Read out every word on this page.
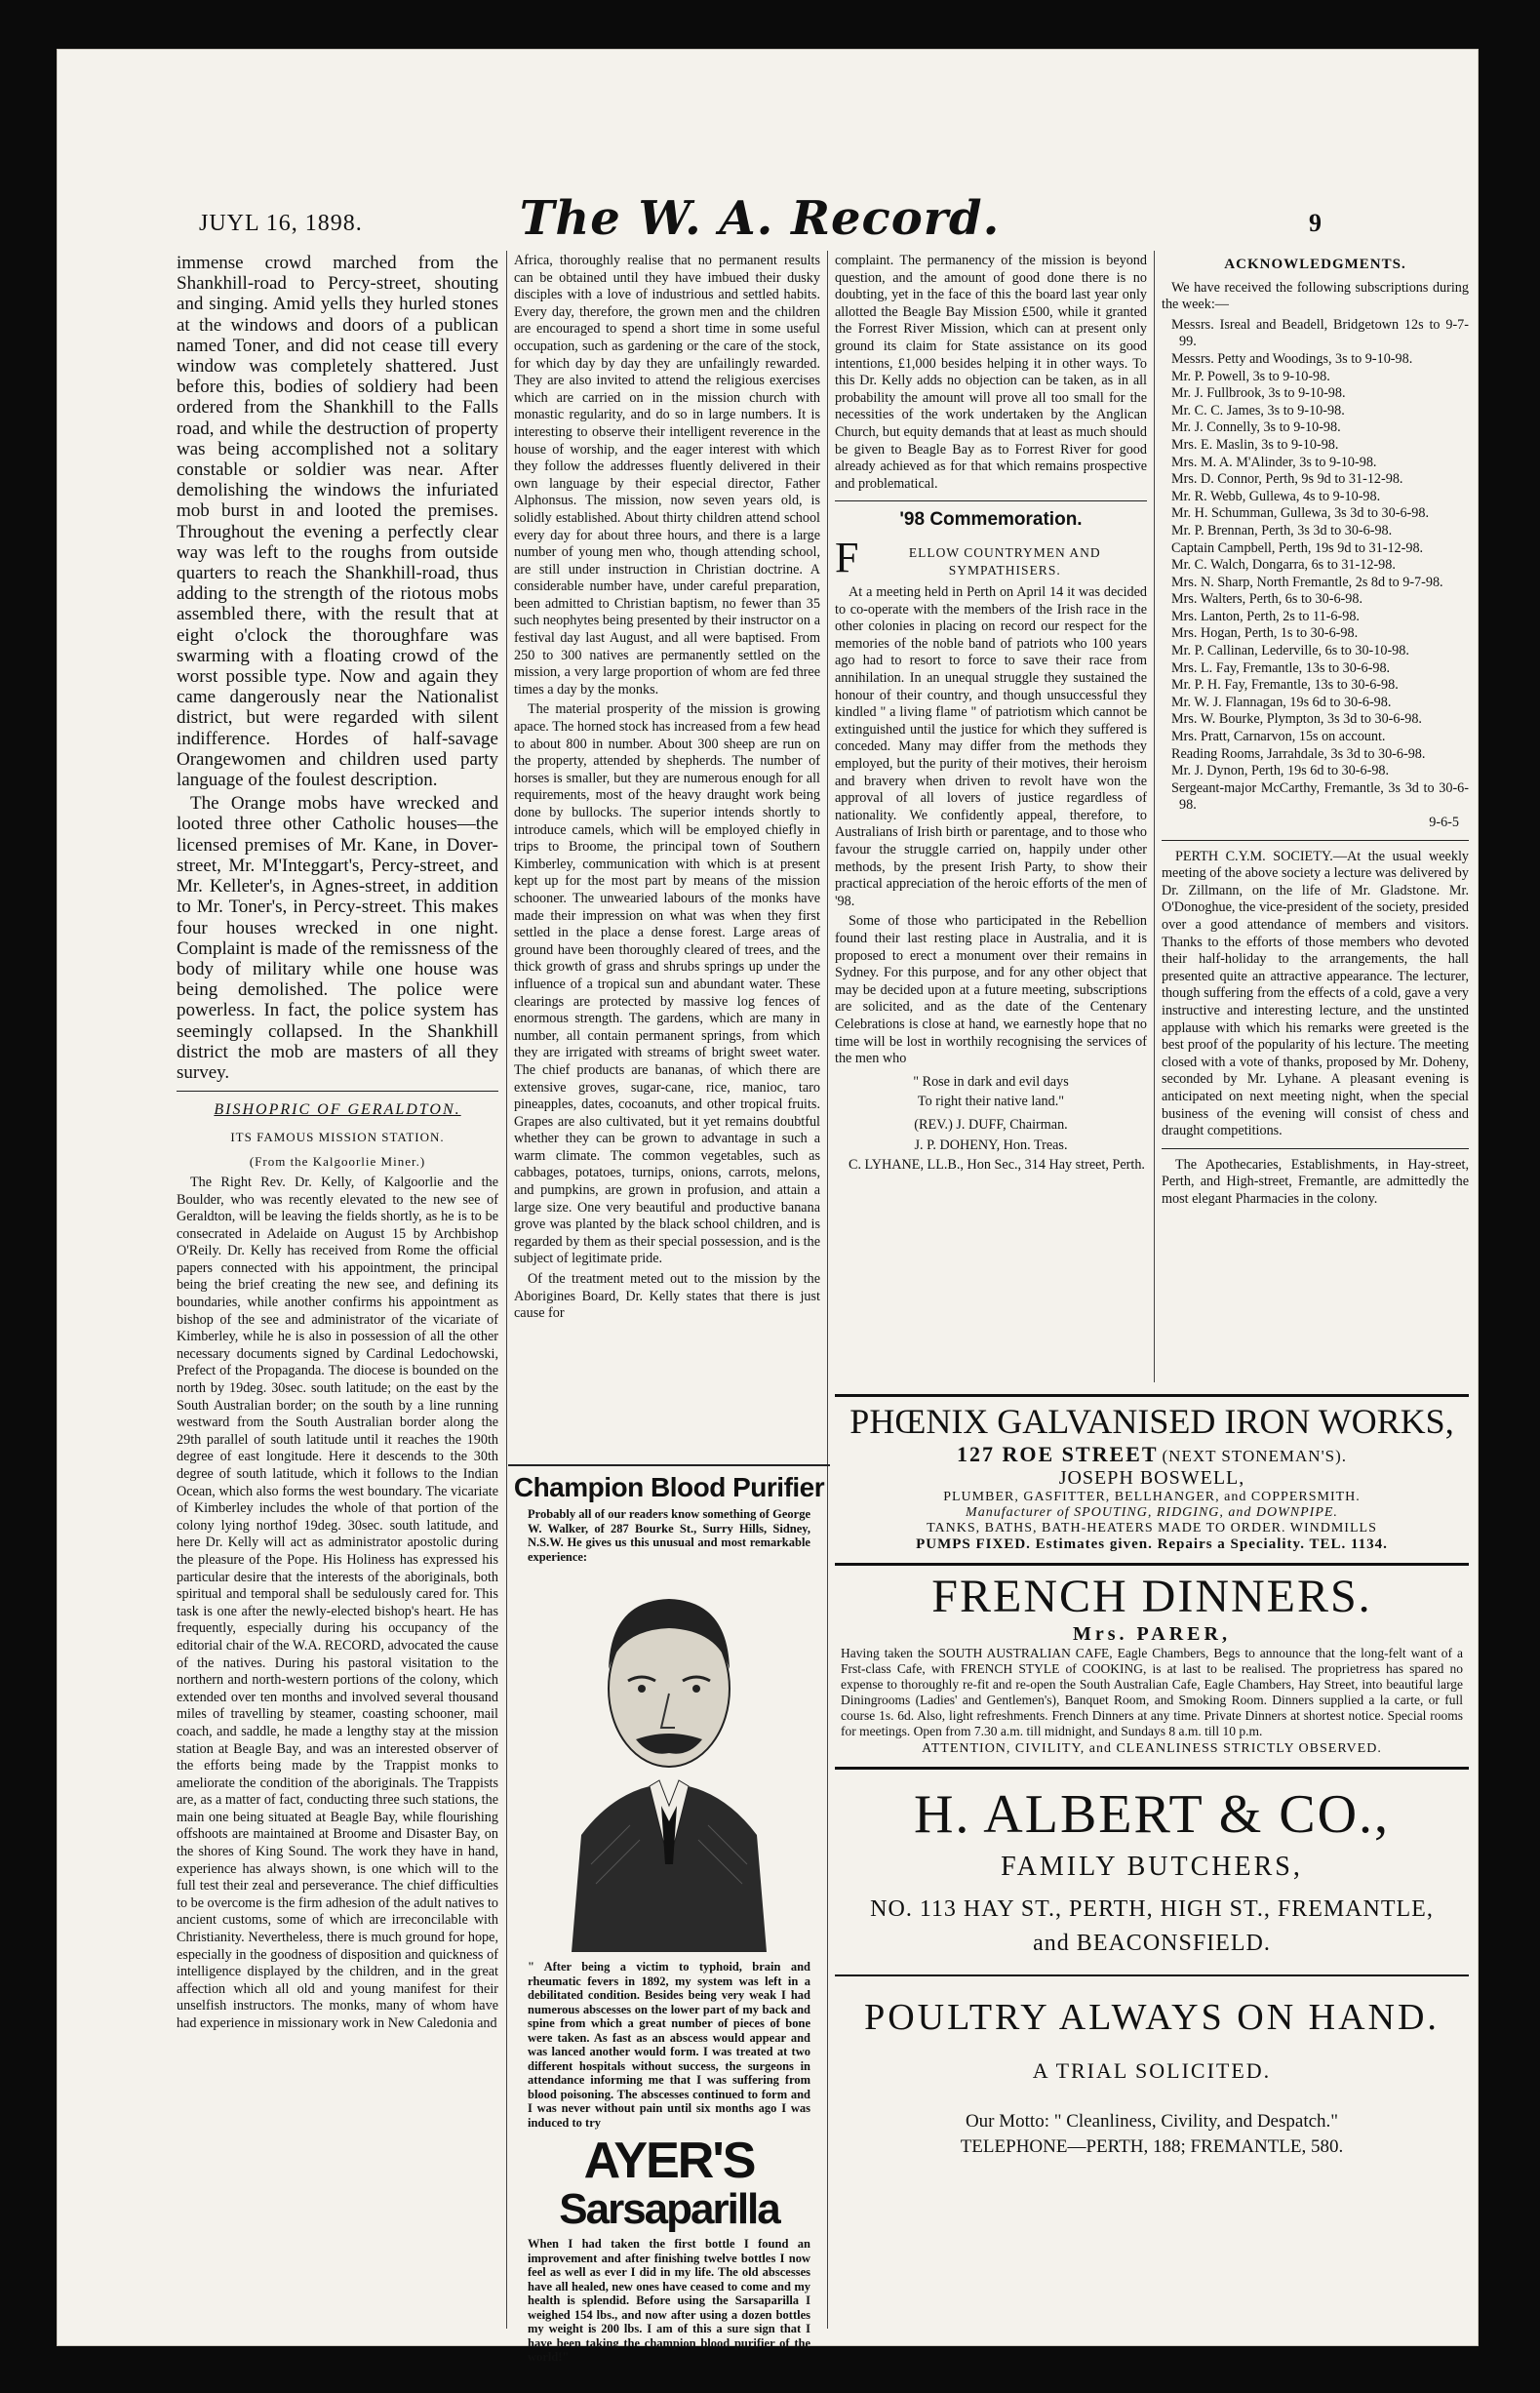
JUYL 16, 1898.	The W. A. Record.	9

immense crowd marched from the Shankhill-road to Percy-street, shouting and singing. Amid yells they hurled stones at the windows and doors of a publican named Toner, and did not cease till every window was completely shattered. Just before this, bodies of soldiery had been ordered from the Shankhill to the Falls road, and while the destruction of property was being accomplished not a solitary constable or soldier was near. After demolishing the windows the infuriated mob burst in and looted the premises. Throughout the evening a perfectly clear way was left to the roughs from outside quarters to reach the Shankhill-road, thus adding to the strength of the riotous mobs assembled there, with the result that at eight o'clock the thoroughfare was swarming with a floating crowd of the worst possible type. Now and again they came dangerously near the Nationalist district, but were regarded with silent indifference. Hordes of half-savage Orangewomen and children used party language of the foulest description.

The Orange mobs have wrecked and looted three other Catholic houses—the licensed premises of Mr. Kane, in Dover-street, Mr. M'Integgart's, Percy-street, and Mr. Kelleter's, in Agnes-street, in addition to Mr. Toner's, in Percy-street. This makes four houses wrecked in one night. Complaint is made of the remissness of the body of military while one house was being demolished. The police were powerless. In fact, the police system has seemingly collapsed. In the Shankhill district the mob are masters of all they survey.

BISHOPRIC OF GERALDTON.
ITS FAMOUS MISSION STATION.
(From the Kalgoorlie Miner.)

The Right Rev. Dr. Kelly, of Kalgoorlie and the Boulder, who was recently elevated to the new see of Geraldton, will be leaving the fields shortly, as he is to be consecrated in Adelaide on August 15 by Archbishop O'Reily. Dr. Kelly has received from Rome the official papers connected with his appointment, the principal being the brief creating the new see, and defining its boundaries, while another confirms his appointment as bishop of the see and administrator of the vicariate of Kimberley, while he is also in possession of all the other necessary documents signed by Cardinal Ledochowski, Prefect of the Propaganda. The diocese is bounded on the north by 19deg. 30sec. south latitude; on the east by the South Australian border; on the south by a line running westward from the South Australian border along the 29th parallel of south latitude until it reaches the 190th degree of east longitude. Here it descends to the 30th degree of south latitude, which it follows to the Indian Ocean, which also forms the west boundary. The vicariate of Kimberley includes the whole of that portion of the colony lying northof 19deg. 30sec. south latitude, and here Dr. Kelly will act as administrator apostolic during the pleasure of the Pope. His Holiness has expressed his particular desire that the interests of the aboriginals, both spiritual and temporal shall be sedulously cared for. This task is one after the newly-elected bishop's heart. He has frequently, especially during his occupancy of the editorial chair of the W.A. RECORD, advocated the cause of the natives. During his pastoral visitation to the northern and north-western portions of the colony, which extended over ten months and involved several thousand miles of travelling by steamer, coasting schooner, mail coach, and saddle, he made a lengthy stay at the mission station at Beagle Bay, and was an interested observer of the efforts being made by the Trappist monks to ameliorate the condition of the aboriginals. The Trappists are, as a matter of fact, conducting three such stations, the main one being situated at Beagle Bay, while flourishing offshoots are maintained at Broome and Disaster Bay, on the shores of King Sound. The work they have in hand, experience has always shown, is one which will to the full test their zeal and perseverance. The chief difficulties to be overcome is the firm adhesion of the adult natives to ancient customs, some of which are irreconcilable with Christianity. Nevertheless, there is much ground for hope, especially in the goodness of disposition and quickness of intelligence displayed by the children, and in the great affection which all old and young manifest for their unselfish instructors. The monks, many of whom have had experience in missionary work in New Caledonia and

Africa, thoroughly realise that no permanent results can be obtained until they have imbued their dusky disciples with a love of industrious and settled habits. Every day, therefore, the grown men and the children are encouraged to spend a short time in some useful occupation, such as gardening or the care of the stock, for which day by day they are unfailingly rewarded. They are also invited to attend the religious exercises which are carried on in the mission church with monastic regularity, and do so in large numbers. It is interesting to observe their intelligent reverence in the house of worship, and the eager interest with which they follow the addresses fluently delivered in their own language by their especial director, Father Alphonsus. The mission, now seven years old, is solidly established. About thirty children attend school every day for about three hours, and there is a large number of young men who, though attending school, are still under instruction in Christian doctrine. A considerable number have, under careful preparation, been admitted to Christian baptism, no fewer than 35 such neophytes being presented by their instructor on a festival day last August, and all were baptised. From 250 to 300 natives are permanently settled on the mission, a very large proportion of whom are fed three times a day by the monks.

The material prosperity of the mission is growing apace. The horned stock has increased from a few head to about 800 in number. About 300 sheep are run on the property, attended by shepherds. The number of horses is smaller, but they are numerous enough for all requirements, most of the heavy draught work being done by bullocks. The superior intends shortly to introduce camels, which will be employed chiefly in trips to Broome, the principal town of Southern Kimberley, communication with which is at present kept up for the most part by means of the mission schooner. The unwearied labours of the monks have made their impression on what was when they first settled in the place a dense forest. Large areas of ground have been thoroughly cleared of trees, and the thick growth of grass and shrubs springs up under the influence of a tropical sun and abundant water. These clearings are protected by massive log fences of enormous strength. The gardens, which are many in number, all contain permanent springs, from which they are irrigated with streams of bright sweet water. The chief products are bananas, of which there are extensive groves, sugar-cane, rice, manioc, taro pineapples, dates, cocoanuts, and other tropical fruits. Grapes are also cultivated, but it yet remains doubtful whether they can be grown to advantage in such a warm climate. The common vegetables, such as cabbages, potatoes, turnips, onions, carrots, melons, and pumpkins, are grown in profusion, and attain a large size. One very beautiful and productive banana grove was planted by the black school children, and is regarded by them as their special possession, and is the subject of legitimate pride.

Of the treatment meted out to the mission by the Aborigines Board, Dr. Kelly states that there is just cause for

Champion Blood Purifier
Probably all of our readers know something of George W. Walker, of 287 Bourke St., Surry Hills, Sidney, N.S.W. He gives us this unusual and most remarkable experience:
" After being a victim to typhoid, brain and rheumatic fevers in 1892, my system was left in a debilitated condition. Besides being very weak I had numerous abscesses on the lower part of my back and spine from which a great number of pieces of bone were taken. As fast as an abscess would appear and was lanced another would form. I was treated at two different hospitals without success, the surgeons in attendance informing me that I was suffering from blood poisoning. The abscesses continued to form and I was never without pain until six months ago I was induced to try
AYER'S
Sarsaparilla
When I had taken the first bottle I found an improvement and after finishing twelve bottles I now feel as well as ever I did in my life. The old abscesses have all healed, new ones have ceased to come and my health is splendid. Before using the Sarsaparilla I weighed 154 lbs., and now after using a dozen bottles my weight is 200 lbs. I am of this a sure sign that I have been taking the champion blood purifier of the world!"

complaint. The permanency of the mission is beyond question, and the amount of good done there is no doubting, yet in the face of this the board last year only allotted the Beagle Bay Mission £500, while it granted the Forrest River Mission, which can at present only ground its claim for State assistance on its good intentions, £1,000 besides helping it in other ways. To this Dr. Kelly adds no objection can be taken, as in all probability the amount will prove all too small for the necessities of the work undertaken by the Anglican Church, but equity demands that at least as much should be given to Beagle Bay as to Forrest River for good already achieved as for that which remains prospective and problematical.

'98 Commemoration.
F	ELLOW COUNTRYMEN AND SYMPATHISERS.

At a meeting held in Perth on April 14 it was decided to co-operate with the members of the Irish race in the other colonies in placing on record our respect for the memories of the noble band of patriots who 100 years ago had to resort to force to save their race from annihilation. In an unequal struggle they sustained the honour of their country, and though unsuccessful they kindled " a living flame " of patriotism which cannot be extinguished until the justice for which they suffered is conceded. Many may differ from the methods they employed, but the purity of their motives, their heroism and bravery when driven to revolt have won the approval of all lovers of justice regardless of nationality. We confidently appeal, therefore, to Australians of Irish birth or parentage, and to those who favour the struggle carried on, happily under other methods, by the present Irish Party, to show their practical appreciation of the heroic efforts of the men of '98.

Some of those who participated in the Rebellion found their last resting place in Australia, and it is proposed to erect a monument over their remains in Sydney. For this purpose, and for any other object that may be decided upon at a future meeting, subscriptions are solicited, and as the date of the Centenary Celebrations is close at hand, we earnestly hope that no time will be lost in worthily recognising the services of the men who

" Rose in dark and evil days

To right their native land."

(REV.) J. DUFF, Chairman.

J. P. DOHENY, Hon. Treas.

C. LYHANE, LL.B., Hon Sec., 314 Hay street, Perth.

ACKNOWLEDGMENTS.

We have received the following subscriptions during the week:—

Messrs. Isreal and Beadell, Bridgetown 12s to 9-7-99.

Messrs. Petty and Woodings, 3s to 9-10-98.

Mr. P. Powell, 3s to 9-10-98.

Mr. J. Fullbrook, 3s to 9-10-98.

Mr. C. C. James, 3s to 9-10-98.

Mr. J. Connelly, 3s to 9-10-98.

Mrs. E. Maslin, 3s to 9-10-98.

Mrs. M. A. M'Alinder, 3s to 9-10-98.

Mrs. D. Connor, Perth, 9s 9d to 31-12-98.

Mr. R. Webb, Gullewa, 4s to 9-10-98.

Mr. H. Schumman, Gullewa, 3s 3d to 30-6-98.

Mr. P. Brennan, Perth, 3s 3d to 30-6-98.

Captain Campbell, Perth, 19s 9d to 31-12-98.

Mr. C. Walch, Dongarra, 6s to 31-12-98.

Mrs. N. Sharp, North Fremantle, 2s 8d to 9-7-98.

Mrs. Walters, Perth, 6s to 30-6-98.

Mrs. Lanton, Perth, 2s to 11-6-98.

Mrs. Hogan, Perth, 1s to 30-6-98.

Mr. P. Callinan, Lederville, 6s to 30-10-98.

Mrs. L. Fay, Fremantle, 13s to 30-6-98.

Mr. P. H. Fay, Fremantle, 13s to 30-6-98.

Mr. W. J. Flannagan, 19s 6d to 30-6-98.

Mrs. W. Bourke, Plympton, 3s 3d to 30-6-98.

Mrs. Pratt, Carnarvon, 15s on account.

Reading Rooms, Jarrahdale, 3s 3d to 30-6-98.

Mr. J. Dynon, Perth, 19s 6d to 30-6-98.

Sergeant-major McCarthy, Fremantle, 3s 3d to 30-6-98.

9-6-5

PERTH C.Y.M. SOCIETY.—At the usual weekly meeting of the above society a lecture was delivered by Dr. Zillmann, on the life of Mr. Gladstone. Mr. O'Donoghue, the vice-president of the society, presided over a good attendance of members and visitors. Thanks to the efforts of those members who devoted their half-holiday to the arrangements, the hall presented quite an attractive appearance. The lecturer, though suffering from the effects of a cold, gave a very instructive and interesting lecture, and the unstinted applause with which his remarks were greeted is the best proof of the popularity of his lecture. The meeting closed with a vote of thanks, proposed by Mr. Doheny, seconded by Mr. Lyhane. A pleasant evening is anticipated on next meeting night, when the special business of the evening will consist of chess and draught competitions.

The Apothecaries, Establishments, in Hay-street, Perth, and High-street, Fremantle, are admittedly the most elegant Pharmacies in the colony.

PHŒNIX GALVANISED IRON WORKS,
127 ROE STREET (NEXT STONEMAN'S).
JOSEPH BOSWELL,
PLUMBER, GASFITTER, BELLHANGER, and COPPERSMITH.
Manufacturer of SPOUTING, RIDGING, and DOWNPIPE.
TANKS, BATHS, BATH-HEATERS MADE TO ORDER. WINDMILLS
PUMPS FIXED. Estimates given. Repairs a Speciality. TEL. 1134.
FRENCH DINNERS.
Mrs. PARER,
Having taken the SOUTH AUSTRALIAN CAFE, Eagle Chambers, Begs to announce that the long-felt want of a Frst-class Cafe, with FRENCH STYLE of COOKING, is at last to be realised. The proprietress has spared no expense to thoroughly re-fit and re-open the South Australian Cafe, Eagle Chambers, Hay Street, into beautiful large Diningrooms (Ladies' and Gentlemen's), Banquet Room, and Smoking Room. Dinners supplied a la carte, or full course 1s. 6d. Also, light refreshments. French Dinners at any time. Private Dinners at shortest notice. Special rooms for meetings. Open from 7.30 a.m. till midnight, and Sundays 8 a.m. till 10 p.m.
ATTENTION, CIVILITY, and CLEANLINESS STRICTLY OBSERVED.
H. ALBERT & CO.,
FAMILY BUTCHERS,
NO. 113 HAY ST., PERTH, HIGH ST., FREMANTLE,
and BEACONSFIELD.
POULTRY ALWAYS ON HAND.
A TRIAL SOLICITED.
Our Motto: " Cleanliness, Civility, and Despatch."
TELEPHONE—PERTH, 188; FREMANTLE, 580.
